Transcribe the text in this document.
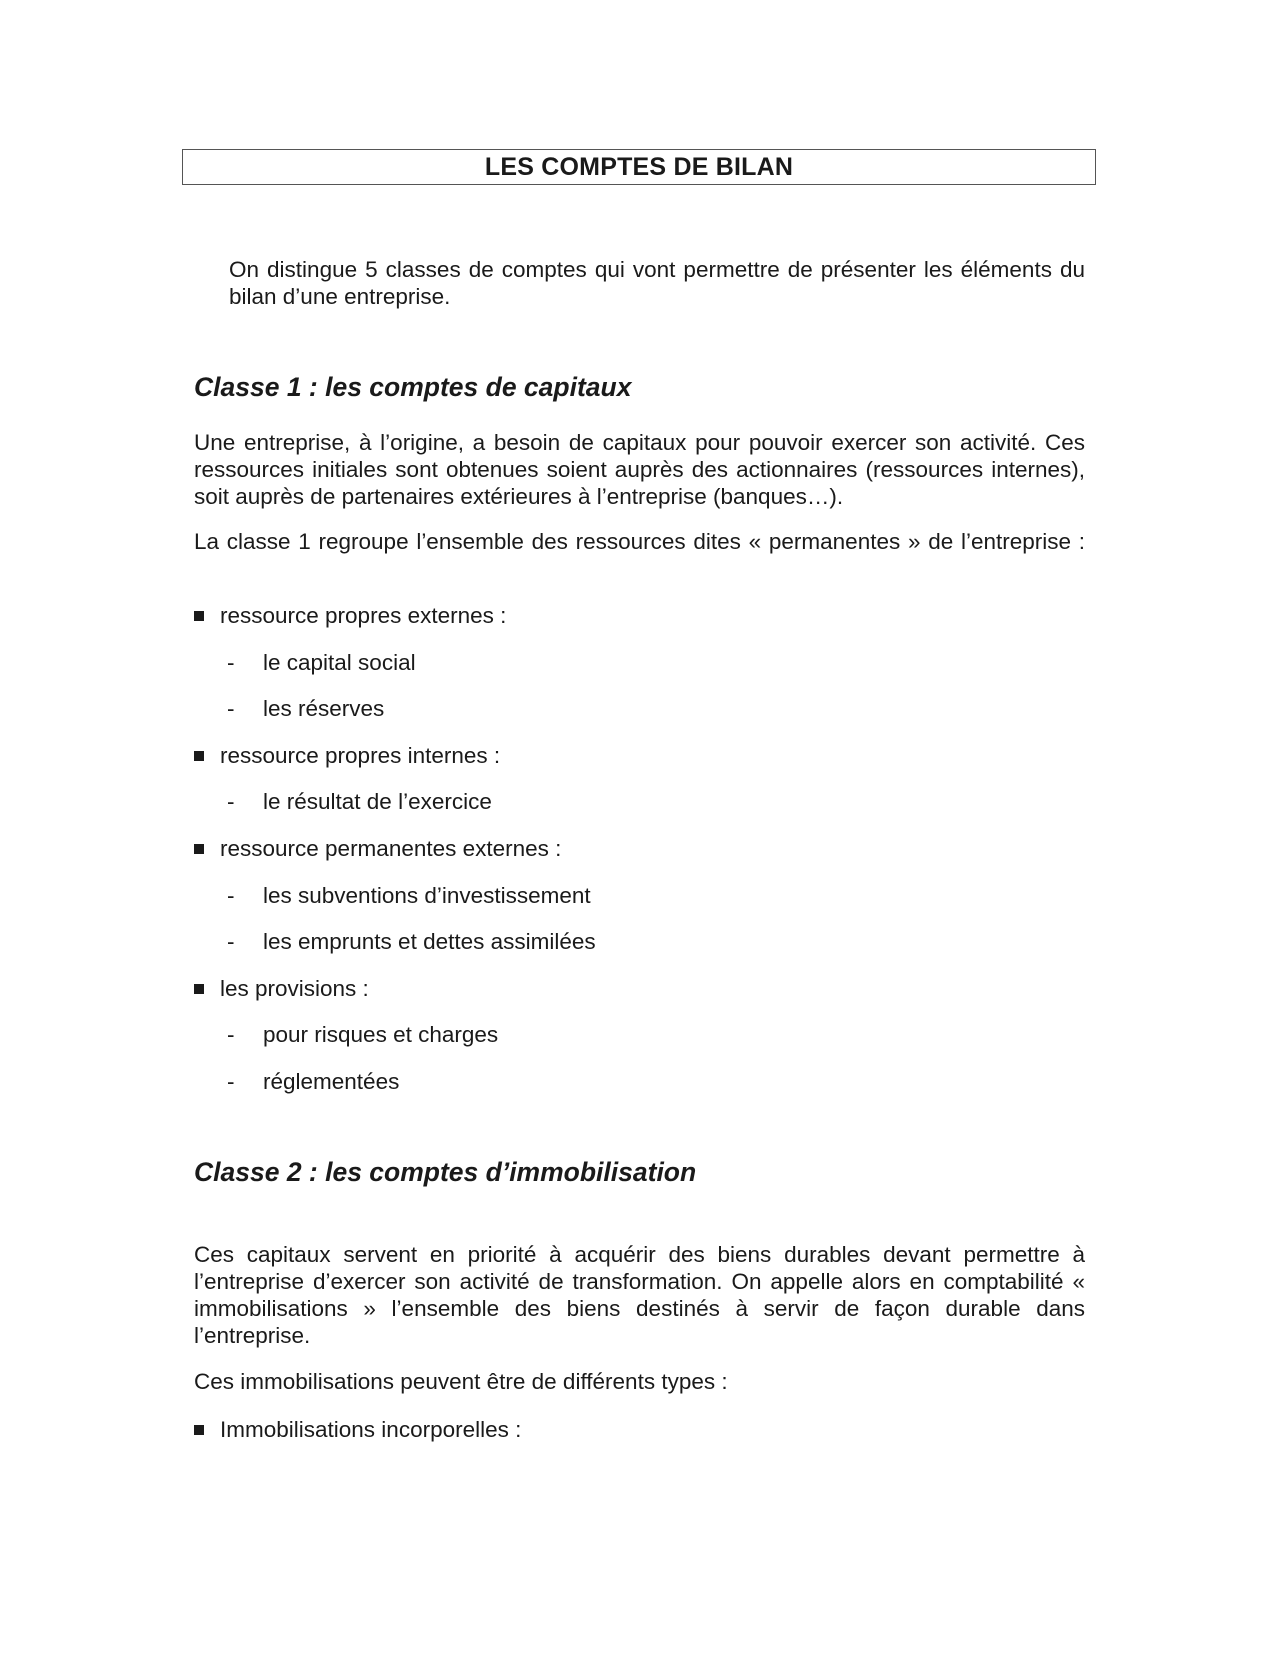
LES COMPTES DE BILAN
On distingue 5 classes de comptes qui vont permettre de présenter les éléments du bilan d’une entreprise.
Classe 1 : les comptes de capitaux
Une entreprise, à l’origine, a besoin de capitaux pour pouvoir exercer son activité. Ces ressources initiales sont obtenues soient auprès des actionnaires (ressources internes), soit auprès de partenaires extérieures à l’entreprise (banques…).
La classe 1 regroupe l’ensemble des ressources dites « permanentes » de l’entreprise :
ressource propres externes :
- le capital social
- les réserves
ressource propres internes :
- le résultat de l’exercice
ressource permanentes externes :
- les subventions d’investissement
- les emprunts et dettes assimilées
les provisions :
- pour risques et charges
- réglementées
Classe 2 : les comptes d’immobilisation
Ces capitaux servent en priorité à acquérir des biens durables devant permettre à l’entreprise d’exercer son activité de transformation. On appelle alors en comptabilité « immobilisations » l’ensemble des biens destinés à servir de façon durable dans l’entreprise.
Ces immobilisations peuvent être de différents types :
Immobilisations incorporelles :
